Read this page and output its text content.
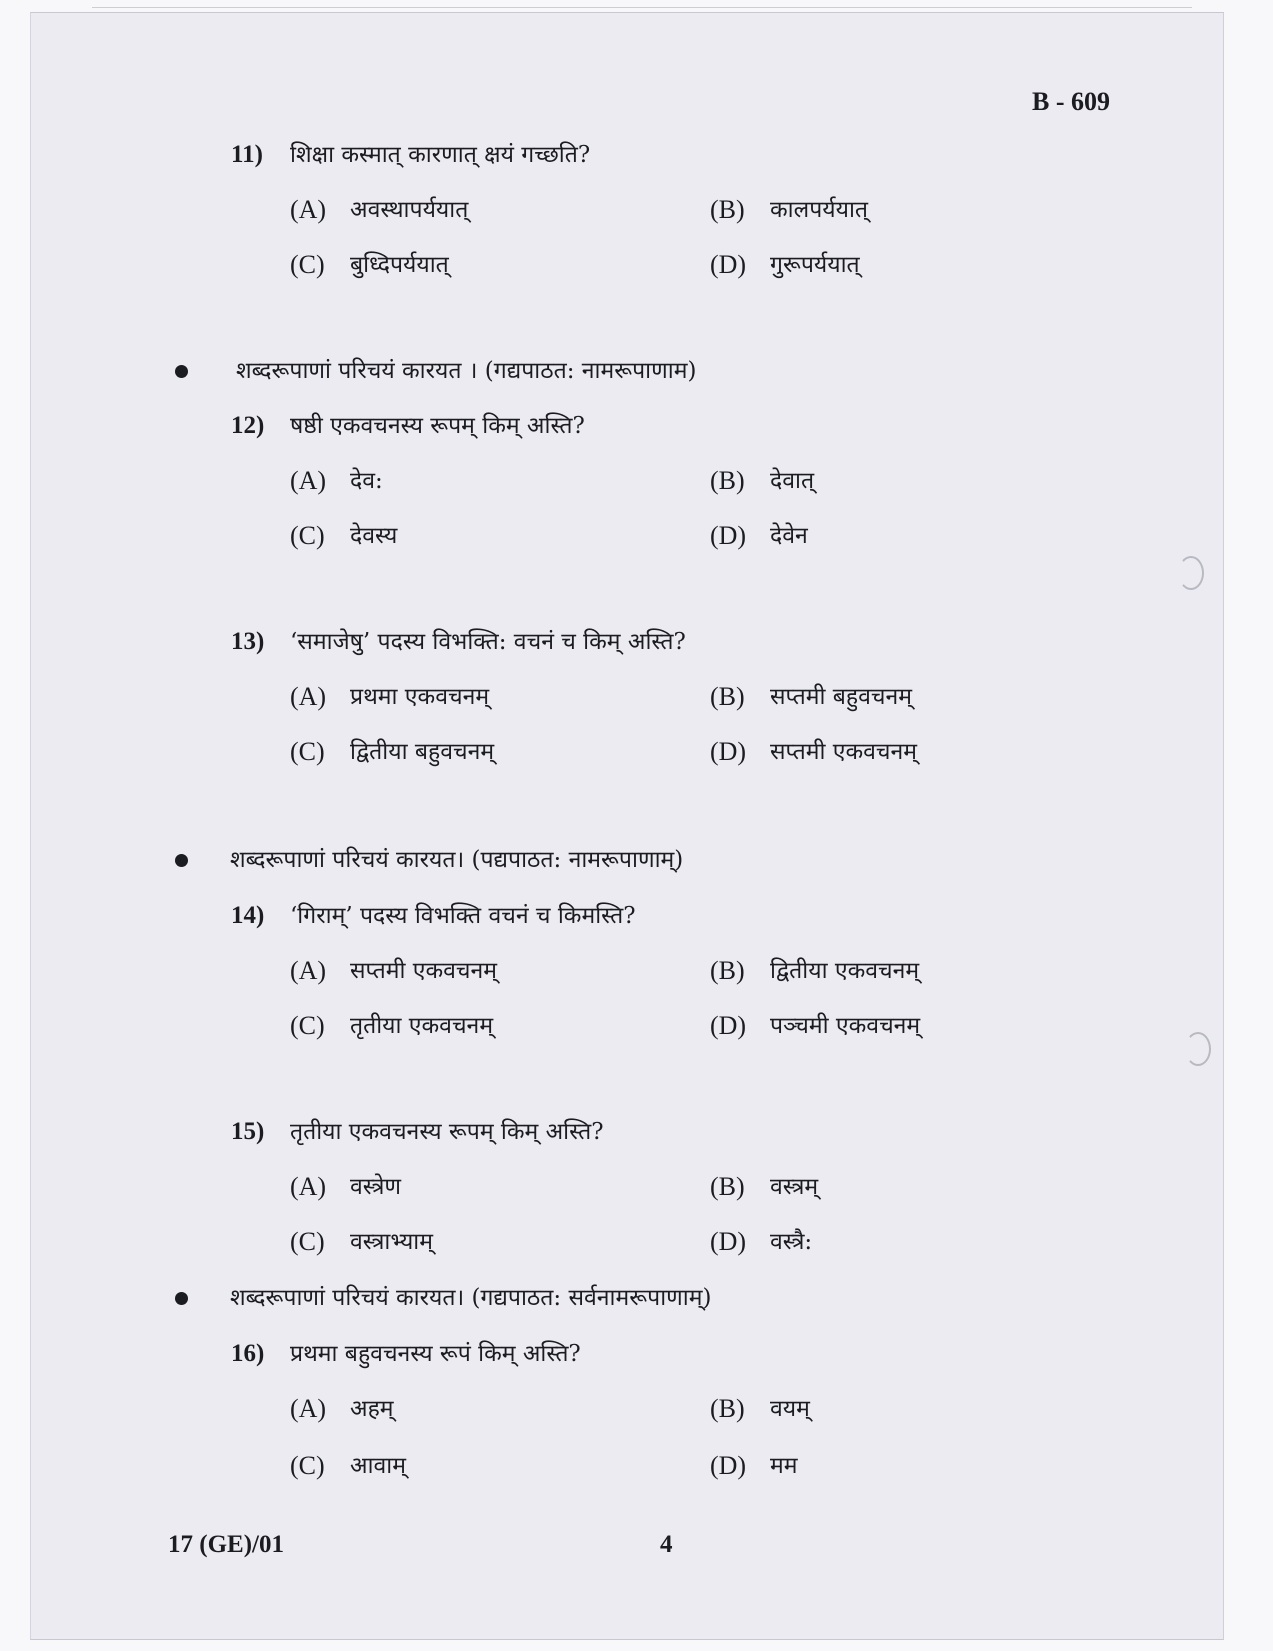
B - 609
11) शिक्षा कस्मात् कारणात् क्षयं गच्छति?
(A) अवस्थापर्ययात्	(B) कालपर्ययात्
(C) बुध्दिपर्ययात्	(D) गुरूपर्ययात्
शब्दरूपाणां परिचयं कारयत । (गद्यपाठत: नामरूपाणाम)
12) षष्ठी एकवचनस्य रूपम् किम् अस्ति?
(A) देव:	(B) देवात्
(C) देवस्य	(D) देवेन
13) ‘समाजेषु’ पदस्य विभक्ति: वचनं च किम् अस्ति?
(A) प्रथमा एकवचनम्	(B) सप्तमी बहुवचनम्
(C) द्वितीया बहुवचनम्	(D) सप्तमी एकवचनम्
शब्दरूपाणां परिचयं कारयत। (पद्यपाठत: नामरूपाणाम्)
14) ‘गिराम्’ पदस्य विभक्ति वचनं च किमस्ति?
(A) सप्तमी एकवचनम्	(B) द्वितीया एकवचनम्
(C) तृतीया एकवचनम्	(D) पञ्चमी एकवचनम्
15) तृतीया एकवचनस्य रूपम् किम् अस्ति?
(A) वस्त्रेण	(B) वस्त्रम्
(C) वस्त्राभ्याम्	(D) वस्त्रै:
शब्दरूपाणां परिचयं कारयत। (गद्यपाठत: सर्वनामरूपाणाम्)
16) प्रथमा बहुवचनस्य रूपं किम् अस्ति?
(A) अहम्	(B) वयम्
(C) आवाम्	(D) मम
17 (GE)/01	4
